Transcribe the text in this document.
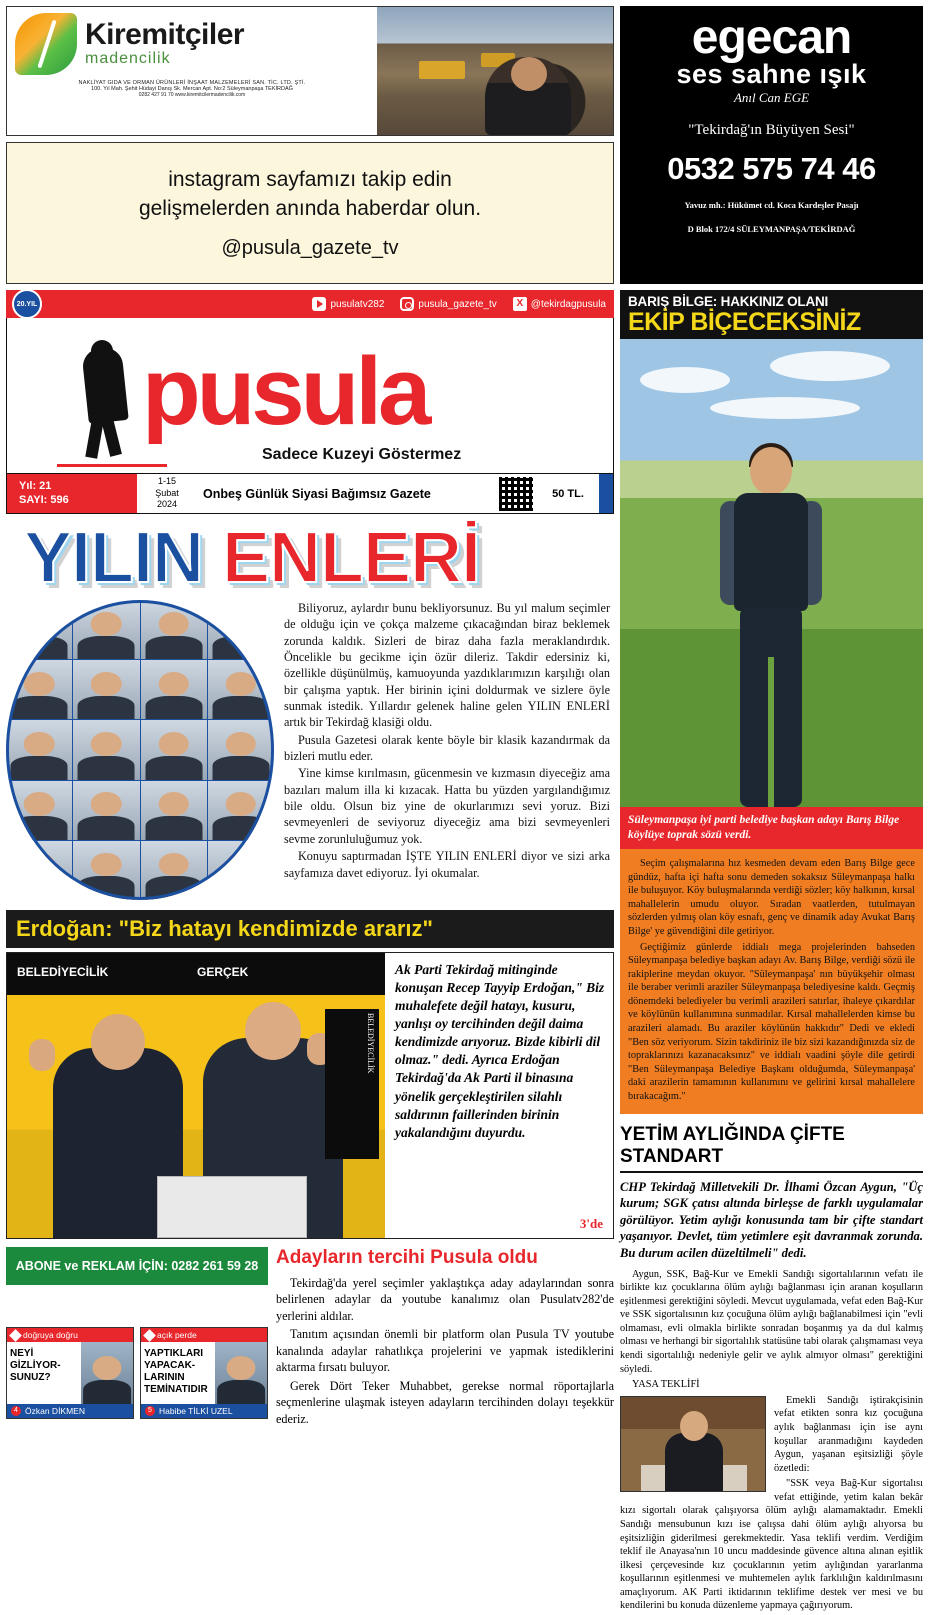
Kiremitçiler
madencilik
NAKLİYAT GIDA VE ORMAN ÜRÜNLERİ İNŞAAT MALZEMELERİ SAN. TİC. LTD. ŞTİ.
100. Yıl Mah. Şehit Hüdayi Danış Sk. Mercan Apt. No:2 Süleymanpaşa TEKİRDAĞ
0282 427 91 70 www.kiremitcilermadencilik.com
instagram sayfamızı takip edin
gelişmelerden anında haberdar olun.
@pusula_gazete_tv
egecan
ses sahne ışık
Anıl Can EGE
"Tekirdağ'ın Büyüyen Sesi"
0532 575 74 46
Yavuz mh.: Hükümet cd. Koca Kardeşler Pasajı
D Blok 172/4 SÜLEYMANPAŞA/TEKİRDAĞ
20.YIL	pusulatv282	pusula_gazete_tv	X @tekirdagpusula
pusula
Sadece Kuzeyi Göstermez
Yıl: 21
SAYI: 596
1-15
Şubat
2024
Onbeş Günlük Siyasi Bağımsız Gazete	50 TL.
YILIN ENLERİ

Biliyoruz, aylardır bunu bekliyorsunuz. Bu yıl malum seçimler de olduğu için ve çokça malzeme çıkacağından biraz beklemek zorunda kaldık. Sizleri de biraz daha fazla meraklandırdık. Öncelikle bu gecikme için özür dileriz. Takdir edersiniz ki, özellikle düşünülmüş, kamuoyunda yazdıklarımızın karşılığı olan bir çalışma yaptık. Her birinin içini doldurmak ve sizlere öyle sunmak istedik. Yıllardır gelenek haline gelen YILIN ENLERİ artık bir Tekirdağ klasiği oldu.

Pusula Gazetesi olarak kente böyle bir klasik kazandırmak da bizleri mutlu eder.

Yine kimse kırılmasın, gücenmesin ve kızmasın diyeceğiz ama bazıları malum illa ki kızacak. Hatta bu yüzden yargılandığımız bile oldu. Olsun biz yine de okurlarımızı sevi yoruz. Bizi sevmeyenleri de seviyoruz diyeceğiz ama bizi sevmeyenleri sevme zorunluluğumuz yok.

Konuyu saptırmadan İŞTE YILIN ENLERİ diyor ve sizi arka sayfamıza davet ediyoruz. İyi okumalar.

Erdoğan: "Biz hatayı kendimizde ararız"
BELEDİYECİLİK	GERÇEK
BELEDİYECİLİK
Ak Parti Tekirdağ mitinginde konuşan Recep Tayyip Erdoğan," Biz muhalefete değil hatayı, kusuru, yanlışı oy tercihinden değil daima kendimizde arıyoruz. Bizde kibirli dil olmaz." dedi. Ayrıca Erdoğan Tekirdağ'da Ak Parti il binasına yönelik gerçekleştirilen silahlı saldırının faillerinden birinin yakalandığını duyurdu.
3'de
ABONE ve REKLAM İÇİN: 0282 261 59 28
doğruya doğru
NEYİ GİZLİYOR- SUNUZ?
4 Özkan DİKMEN
açık perde
YAPTIKLARI YAPACAK- LARININ TEMİNATIDIR
5 Habibe TİLKİ UZEL
Adayların tercihi Pusula oldu

Tekirdağ'da yerel seçimler yaklaştıkça aday adaylarından sonra belirlenen adaylar da youtube kanalımız olan Pusulatv282'de yerlerini aldılar.

Tanıtım açısından önemli bir platform olan Pusula TV youtube kanalında adaylar rahatlıkça projelerini ve yapmak istediklerini aktarma fırsatı buluyor.

Gerek Dört Teker Muhabbet, gerekse normal röportajlarla seçmenlerine ulaşmak isteyen adayların tercihinden dolayı teşekkür ederiz.

BARIŞ BİLGE: HAKKINIZ OLANI
EKİP BİÇECEKSİNİZ
Süleymanpaşa iyi parti belediye başkan adayı Barış Bilge köylüye toprak sözü verdi.

Seçim çalışmalarına hız kesmeden devam eden Barış Bilge gece gündüz, hafta içi hafta sonu demeden sokaksız Süleymanpaşa halkı ile buluşuyor. Köy buluşmalarında verdiği sözler; köy halkının, kırsal mahallelerin umudu oluyor. Sıradan vaatlerden, tutulmayan sözlerden yılmış olan köy esnafı, genç ve dinamik aday Avukat Barış Bilge' ye güvendiğini dile getiriyor.

Geçtiğimiz günlerde iddialı mega projelerinden bahseden Süleymanpaşa belediye başkan adayı Av. Barış Bilge, verdiği sözü ile rakiplerine meydan okuyor. "Süleymanpaşa' nın büyükşehir olması ile beraber verimli araziler Süleymanpaşa belediyesine kaldı. Geçmiş dönemdeki belediyeler bu verimli arazileri satırlar, ihaleye çıkardılar ve köylünün kullanımına sunmadılar. Kırsal mahallelerden kimse bu arazileri alamadı. Bu araziler köylünün hakkıdır" Dedi ve ekledi "Ben söz veriyorum. Sizin takdiriniz ile biz sizi kazandığınızda siz de topraklarınızı kazanacaksınız" ve iddialı vaadini şöyle dile getirdi "Ben Süleymanpaşa Belediye Başkanı olduğumda, Süleymanpaşa' daki arazilerin tamamının kullanımını ve gelirini kırsal mahallelere bırakacağım."

YETİM AYLIĞINDA ÇİFTE STANDART
CHP Tekirdağ Milletvekili Dr. İlhami Özcan Aygun, "Üç kurum; SGK çatısı altında birleşse de farklı uygulamalar görülüyor. Yetim aylığı konusunda tam bir çifte standart yaşanıyor. Devlet, tüm yetimlere eşit davranmak zorunda. Bu durum acilen düzeltilmeli" dedi.

Aygun, SSK, Bağ-Kur ve Emekli Sandığı sigortalılarının vefatı ile birlikte kız çocuklarına ölüm aylığı bağlanması için aranan koşulların eşitlenmesi gerektiğini söyledi. Mevcut uygulamada, vefat eden Bağ-Kur ve SSK sigortalısının kız çocuğuna ölüm aylığı bağlanabilmesi için "evli olmaması, evli olmakla birlikte sonradan boşanmış ya da dul kalmış olması ve herhangi bir sigortalılık statüsüne tabi olarak çalışmaması veya kendi sigortalılığı nedeniyle gelir ve aylık almıyor olması" gerektiğini söyledi.

YASA TEKLİFİ

Emekli Sandığı iştirakçisinin vefat etikten sonra kız çocuğuna aylık bağlanması için ise aynı koşullar aranmadığını kaydeden Aygun, yaşanan eşitsizliği şöyle özetledi:

"SSK veya Bağ-Kur sigortalısı vefat ettiğinde, yetim kalan bekâr kızı sigortalı olarak çalışıyorsa ölüm aylığı alamamaktadır. Emekli Sandığı mensubunun kızı ise çalışsa dahi ölüm aylığı alıyorsa bu eşitsizliğin giderilmesi gerekmektedir. Yasa teklifi verdim. Verdiğim teklif ile Anayasa'nın 10 uncu maddesinde güvence altına alınan eşitlik ilkesi çerçevesinde kız çocuklarının yetim aylığından yararlanma koşullarının eşitlenmesi ve muhtemelen aylık farklılığın kaldırılmasını amaçlıyorum. AK Parti iktidarının teklifime destek ver mesi ve bu kendilerini bu konuda düzenleme yapmaya çağırıyorum.
